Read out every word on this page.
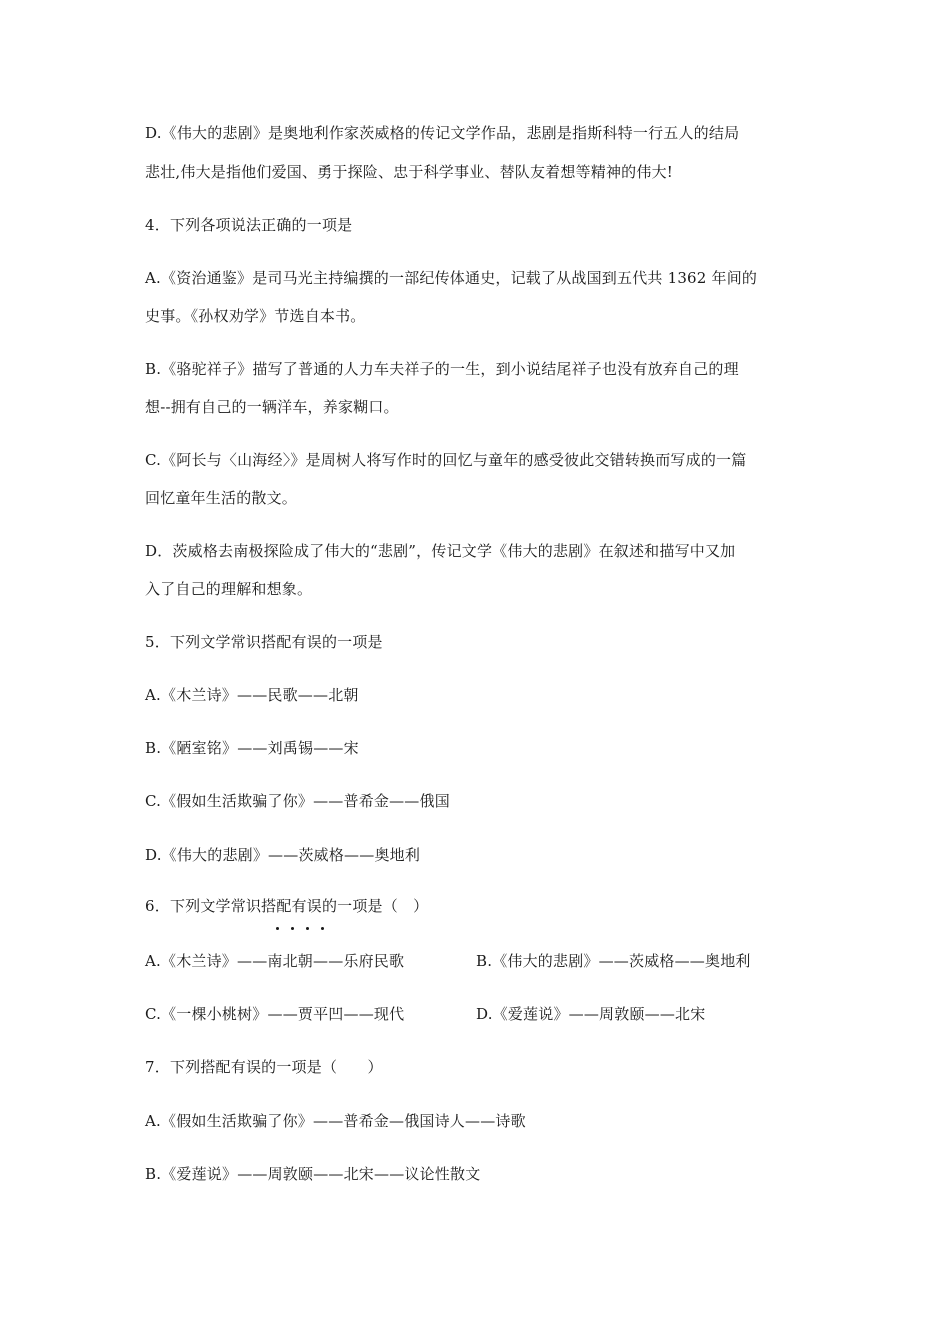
D.《伟大的悲剧》是奥地利作家茨威格的传记文学作品，悲剧是指斯科特一行五人的结局
悲壮,伟大是指他们爱国、勇于探险、忠于科学事业、替队友着想等精神的伟大!
4．下列各项说法正确的一项是
A.《资治通鉴》是司马光主持编撰的一部纪传体通史，记载了从战国到五代共 1362 年间的
史事。《孙权劝学》节选自本书。
B.《骆驼祥子》描写了普通的人力车夫祥子的一生，到小说结尾祥子也没有放弃自己的理
想--拥有自己的一辆洋车，养家糊口。
C.《阿长与〈山海经〉》是周树人将写作时的回忆与童年的感受彼此交错转换而写成的一篇
回忆童年生活的散文。
D．茨威格去南极探险成了伟大的“悲剧”，传记文学《伟大的悲剧》在叙述和描写中又加
入了自己的理解和想象。
5．下列文学常识搭配有误的一项是
A.《木兰诗》——民歌——北朝
B.《陋室铭》——刘禹锡——宋
C.《假如生活欺骗了你》——普希金——俄国
D.《伟大的悲剧》——茨威格——奥地利
6．下列文学常识搭配有误的一项是（　）
A.《木兰诗》——南北朝——乐府民歌	B.《伟大的悲剧》——茨威格——奥地利
C.《一棵小桃树》——贾平凹——现代	D.《爱莲说》——周敦颐——北宋
7．下列搭配有误的一项是（　　）
A.《假如生活欺骗了你》——普希金—俄国诗人——诗歌
B.《爱莲说》——周敦颐——北宋——议论性散文
